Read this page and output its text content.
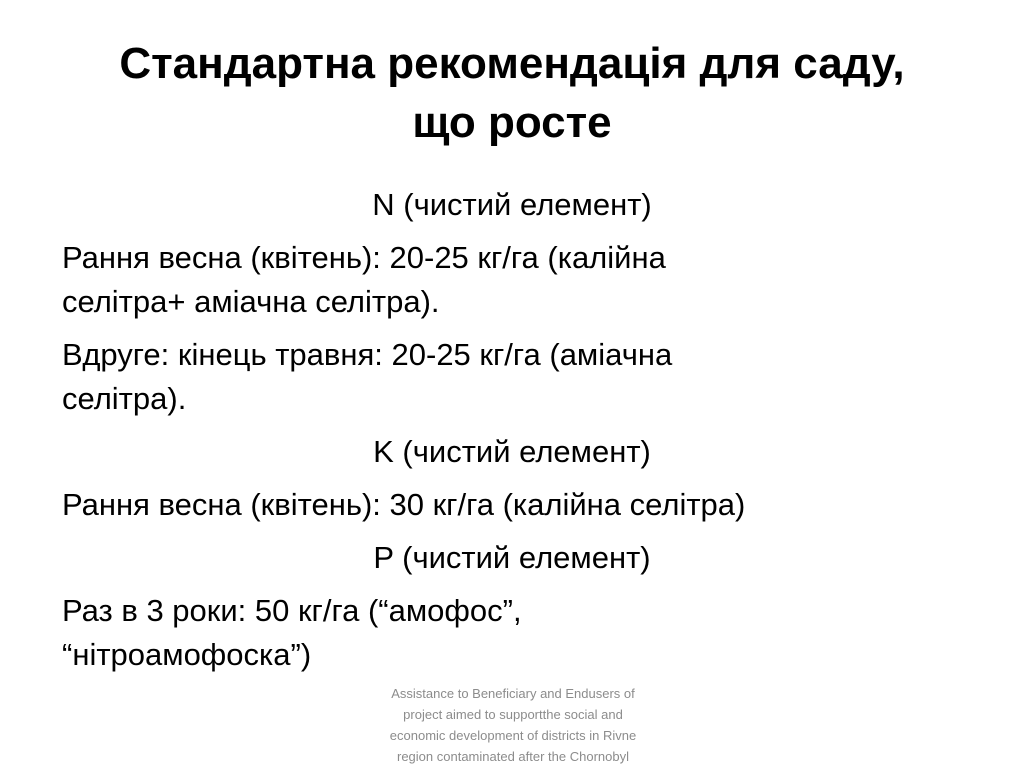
Стандартна рекомендація для саду,
що росте
N (чистий елемент)
Рання весна (квітень): 20-25 кг/га (калійна
селітра+ аміачна селітра).
Вдруге: кінець травня: 20-25 кг/га (аміачна
селітра).
K (чистий елемент)
Рання весна (квітень): 30 кг/га (калійна селітра)
P (чистий елемент)
Раз в 3 роки: 50 кг/га (“амофос”,
“нітроамофоска”)
Assistance to Beneficiary and Endusers of
project aimed to supportthe social and
economic development of districts in Rivne
region contaminated after the Chornobyl
